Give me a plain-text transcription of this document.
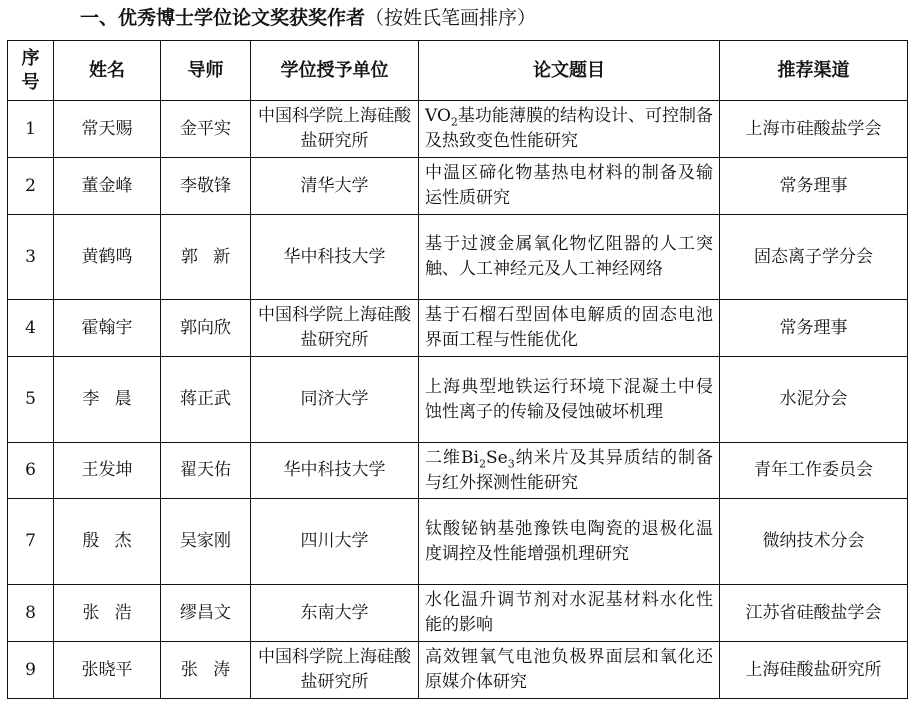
一、优秀博士学位论文奖获奖作者（按姓氏笔画排序）
序号	姓名	导师	学位授予单位	论文题目	推荐渠道
1	常天赐	金平实	中国科学院上海硅酸盐研究所	$VO_2$基功能薄膜的结构设计、可控制备及热致变色性能研究	上海市硅酸盐学会
2	董金峰	李敬锋	清华大学	中温区碲化物基热电材料的制备及输运性质研究	常务理事
3	黄鹤鸣	郭新	华中科技大学	基于过渡金属氧化物忆阻器的人工突触、人工神经元及人工神经网络	固态离子学分会
4	霍翰宇	郭向欣	中国科学院上海硅酸盐研究所	基于石榴石型固体电解质的固态电池界面工程与性能优化	常务理事
5	李晨	蒋正武	同济大学	上海典型地铁运行环境下混凝土中侵蚀性离子的传输及侵蚀破坏机理	水泥分会
6	王发坤	翟天佑	华中科技大学	二维$Bi_2Se_3$纳米片及其异质结的制备与红外探测性能研究	青年工作委员会
7	殷杰	吴家刚	四川大学	钛酸铋钠基弛豫铁电陶瓷的退极化温度调控及性能增强机理研究	微纳技术分会
8	张浩	缪昌文	东南大学	水化温升调节剂对水泥基材料水化性能的影响	江苏省硅酸盐学会
9	张晓平	张涛	中国科学院上海硅酸盐研究所	高效锂氧气电池负极界面层和氧化还原媒介体研究	上海硅酸盐研究所
